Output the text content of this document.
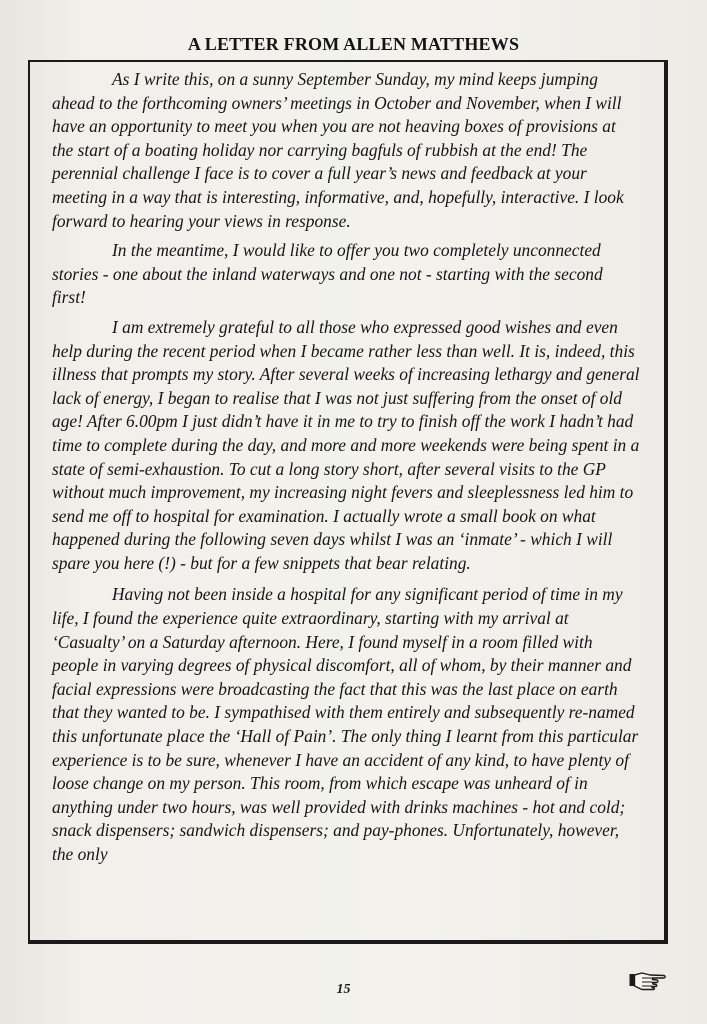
A LETTER FROM ALLEN MATTHEWS

As I write this, on a sunny September Sunday, my mind keeps jumping ahead to the forthcoming owners’ meetings in October and November, when I will have an opportunity to meet you when you are not heaving boxes of provisions at the start of a boating holiday nor carrying bagfuls of rubbish at the end! The perennial challenge I face is to cover a full year’s news and feedback at your meeting in a way that is interesting, informative, and, hopefully, interactive. I look forward to hearing your views in response.

In the meantime, I would like to offer you two completely unconnected stories - one about the inland waterways and one not - starting with the second first!

I am extremely grateful to all those who expressed good wishes and even help during the recent period when I became rather less than well. It is, indeed, this illness that prompts my story. After several weeks of increasing lethargy and general lack of energy, I began to realise that I was not just suffering from the onset of old age! After 6.00pm I just didn’t have it in me to try to finish off the work I hadn’t had time to complete during the day, and more and more weekends were being spent in a state of semi-exhaustion. To cut a long story short, after several visits to the GP without much improvement, my increasing night fevers and sleeplessness led him to send me off to hospital for examination. I actually wrote a small book on what happened during the following seven days whilst I was an ‘inmate’ - which I will spare you here (!) - but for a few snippets that bear relating.

Having not been inside a hospital for any significant period of time in my life, I found the experience quite extraordinary, starting with my arrival at ‘Casualty’ on a Saturday afternoon. Here, I found myself in a room filled with people in varying degrees of physical discomfort, all of whom, by their manner and facial expressions were broadcasting the fact that this was the last place on earth that they wanted to be. I sympathised with them entirely and subsequently re-named this unfortunate place the ‘Hall of Pain’. The only thing I learnt from this particular experience is to be sure, whenever I have an accident of any kind, to have plenty of loose change on my person. This room, from which escape was unheard of in anything under two hours, was well provided with drinks machines - hot and cold; snack dispensers; sandwich dispensers; and pay-phones. Unfortunately, however, the only

15
